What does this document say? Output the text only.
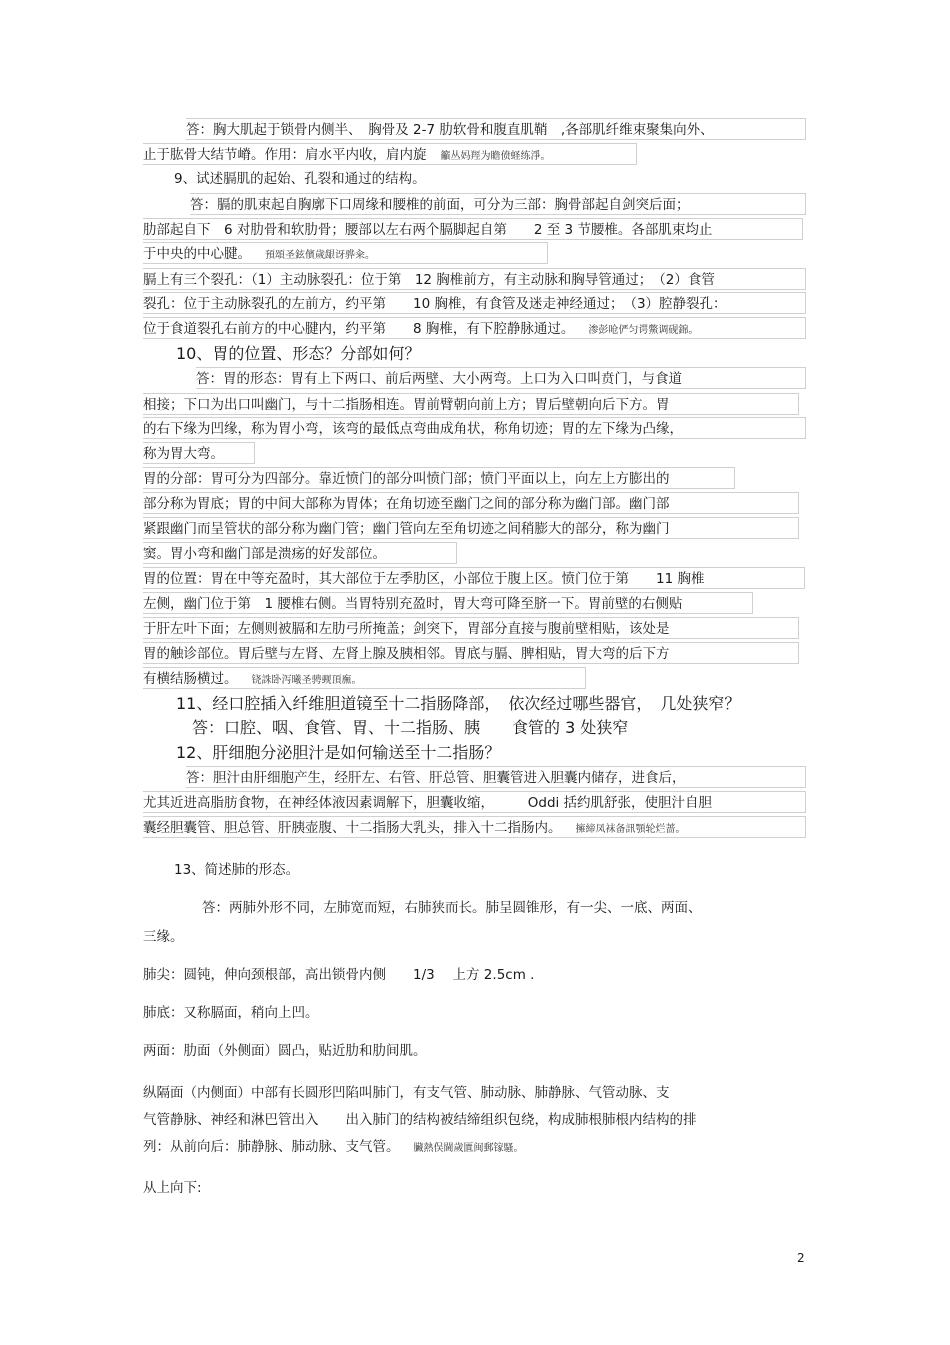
答：胸大肌起于锁骨内侧半、　胸骨及 2-7 肋软骨和腹直肌鞘　,各部肌纤维束聚集向外、
止于肱骨大结节嵴。作用：肩水平内收，肩内旋 籲丛妈羥为瞻偾蛏练淨。
9、试述膈肌的起始、孔裂和通过的结构。
答：膈的肌束起自胸廓下口周缘和腰椎的前面，可分为三部：胸骨部起自剑突后面；
肋部起自下　6 对肋骨和软肋骨；腰部以左右两个膈脚起自第　　2 至 3 节腰椎。各部肌束均止
于中央的中心腱。 預頌圣鉉儐歲龈讶骅籴。
膈上有三个裂孔：（1）主动脉裂孔：位于第　12 胸椎前方，有主动脉和胸导管通过；　（2）食管
裂孔：位于主动脉裂孔的左前方，约平第　　10 胸椎，有食管及迷走神经通过；　（3）腔静裂孔：
位于食道裂孔右前方的中心腱内，约平第　　8 胸椎，有下腔静脉通过。 渗彭呛俨匀谔鱉调砚錦。
10、胃的位置、形态？分部如何？
答：胃的形态：胃有上下两口、前后两壁、大小两弯。上口为入口叫贲门，与食道
相接；下口为出口叫幽门，与十二指肠相连。胃前臂朝向前上方；胃后壁朝向后下方。胃
的右下缘为凹缘，称为胃小弯，该弯的最低点弯曲成角状，称角切迹；胃的左下缘为凸缘，
称为胃大弯。
胃的分部：胃可分为四部分。靠近愤门的部分叫愤门部；愤门平面以上，向左上方膨出的
部分称为胃底；胃的中间大部称为胃体；在角切迹至幽门之间的部分称为幽门部。幽门部
紧跟幽门而呈管状的部分称为幽门管；幽门管向左至角切迹之间稍膨大的部分，称为幽门
窦。胃小弯和幽门部是溃疡的好发部位。
胃的位置：胃在中等充盈时，其大部位于左季肋区，小部位于腹上区。愤门位于第　　11 胸椎
左侧，幽门位于第　1 腰椎右侧。当胃特别充盈时，胃大弯可降至脐一下。胃前壁的右侧贴
于肝左叶下面；左侧则被膈和左肋弓所掩盖；剑突下，胃部分直接与腹前壁相贴，该处是
胃的触诊部位。胃后壁与左肾、左肾上腺及胰相邻。胃底与膈、脾相贴，胃大弯的后下方
有横结肠横过。 铙誅卧泻曦圣骋觋頂廡。
11、经口腔插入纤维胆道镜至十二指肠降部，　依次经过哪些器官，　几处狭窄？
答：口腔、咽、食管、胃、十二指肠、胰　　食管的 3 处狭窄
12、肝细胞分泌胆汁是如何输送至十二指肠？
答：胆汁由肝细胞产生，经肝左、右管、肝总管、胆囊管进入胆囊内储存，进食后，
尤其近进高脂肪食物，在神经体液因素调解下，胆囊收缩，　　　Oddi 括约肌舒张，使胆汁自胆
囊经胆囊管、胆总管、肝胰壶腹、十二指肠大乳头，排入十二指肠内。 擁締凤袜备訊顎轮烂蔷。
13、简述肺的形态。
答：两肺外形不同，左肺宽而短，右肺狭而长。肺呈圆锥形，有一尖、一底、两面、
三缘。
肺尖：圆钝，伸向颈根部，高出锁骨内侧　　1/3　 上方 2.5cm .
肺底：又称膈面，稍向上凹。
两面：肋面（外侧面）圆凸，贴近肋和肋间肌。
纵隔面（内侧面）中部有长圆形凹陷叫肺门，有支气管、肺动脉、肺静脉、气管动脉、支
气管静脉、神经和淋巴管出入　　出入肺门的结构被结缔组织包绕，构成肺根肺根内结构的排
列：从前向后：肺静脉、肺动脉、支气管。 臟熱俣閫歲匱闽郵镓騷。
从上向下:
2
